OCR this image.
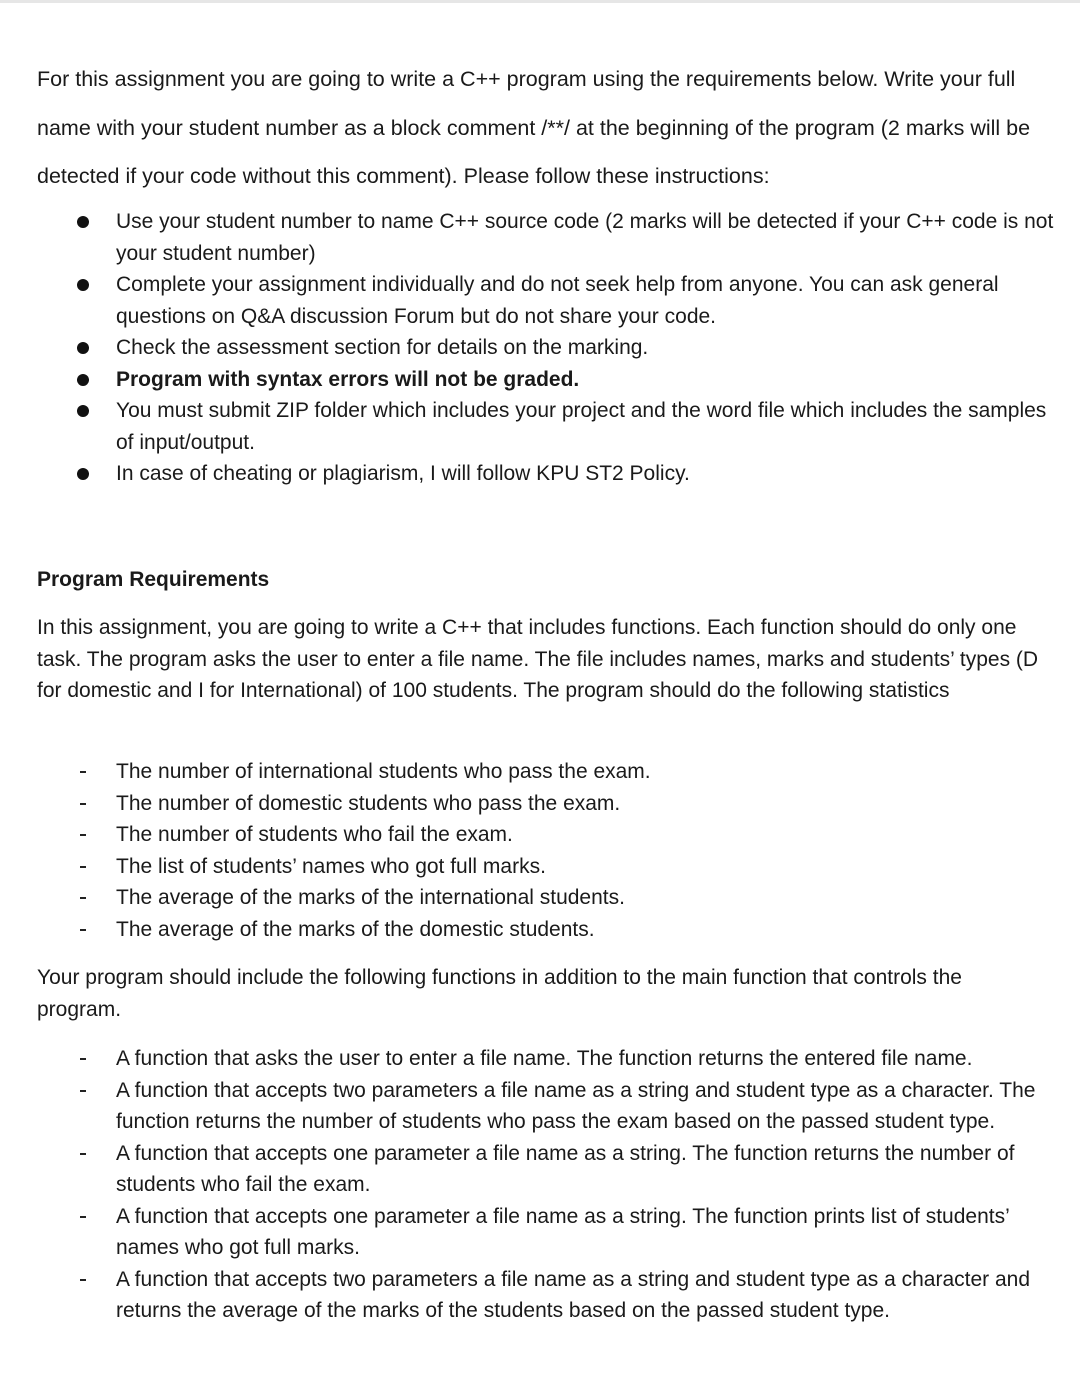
For this assignment you are going to write a C++ program using the requirements below. Write your full name with your student number as a block comment /**/ at the beginning of the program (2 marks will be detected if your code without this comment). Please follow these instructions:

Use your student number to name C++ source code (2 marks will be detected if your C++ code is not your student number)
Complete your assignment individually and do not seek help from anyone. You can ask general questions on Q&A discussion Forum but do not share your code.
Check the assessment section for details on the marking.
Program with syntax errors will not be graded.
You must submit ZIP folder which includes your project and the word file which includes the samples of input/output.
In case of cheating or plagiarism, I will follow KPU ST2 Policy.
Program Requirements

In this assignment, you are going to write a C++ that includes functions. Each function should do only one task. The program asks the user to enter a file name. The file includes names, marks and students’ types (D for domestic and I for International) of 100 students. The program should do the following statistics

The number of international students who pass the exam.
The number of domestic students who pass the exam.
The number of students who fail the exam.
The list of students’ names who got full marks.
The average of the marks of the international students.
The average of the marks of the domestic students.

Your program should include the following functions in addition to the main function that controls the program.

A function that asks the user to enter a file name. The function returns the entered file name.
A function that accepts two parameters a file name as a string and student type as a character. The function returns the number of students who pass the exam based on the passed student type.
A function that accepts one parameter a file name as a string. The function returns the number of students who fail the exam.
A function that accepts one parameter a file name as a string. The function prints list of students’ names who got full marks.
A function that accepts two parameters a file name as a string and student type as a character and returns the average of the marks of the students based on the passed student type.
